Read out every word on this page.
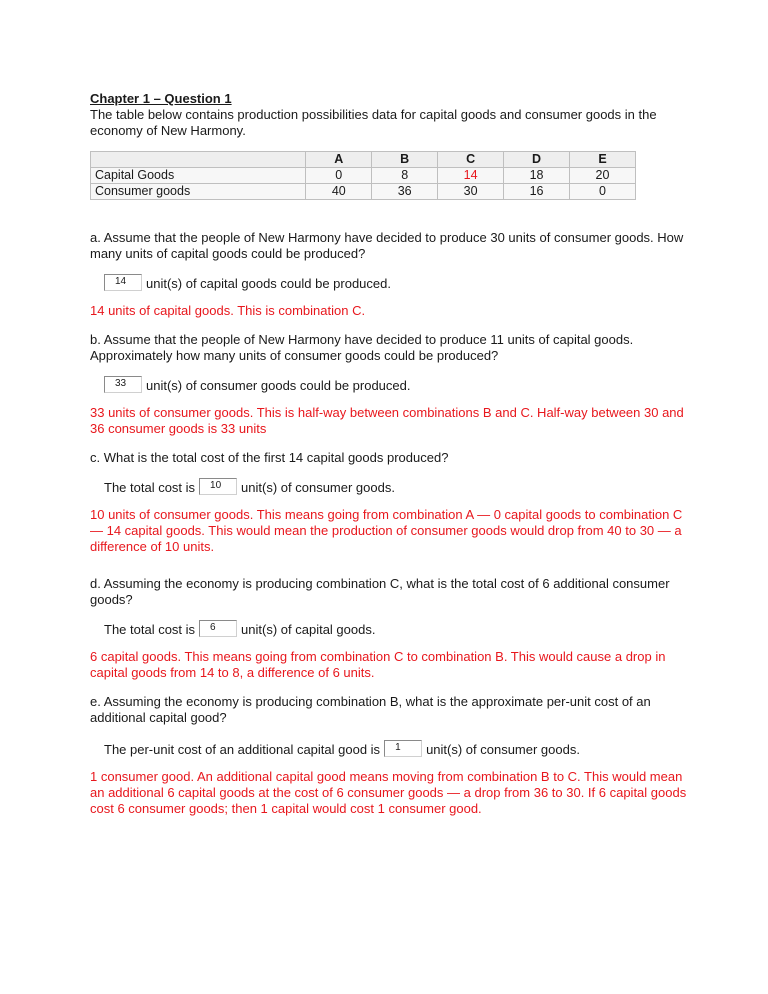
Chapter 1 – Question 1

The table below contains production possibilities data for capital goods and consumer goods in the economy of New Harmony.

	A	B	C	D	E
Capital Goods	0	8	14	18	20
Consumer goods	40	36	30	16	0

a. Assume that the people of New Harmony have decided to produce 30 units of consumer goods. How many units of capital goods could be produced?

14	unit(s) of capital goods could be produced.

14 units of capital goods. This is combination C.

b. Assume that the people of New Harmony have decided to produce 11 units of capital goods. Approximately how many units of consumer goods could be produced?

33	unit(s) of consumer goods could be produced.

33 units of consumer goods. This is half-way between combinations B and C. Half-way between 30 and 36 consumer goods is 33 units

c. What is the total cost of the first 14 capital goods produced?

The total cost is	10	unit(s) of consumer goods.

10 units of consumer goods. This means going from combination A — 0 capital goods to combination C — 14 capital goods. This would mean the production of consumer goods would drop from 40 to 30 — a difference of 10 units.

d. Assuming the economy is producing combination C, what is the total cost of 6 additional consumer goods?

The total cost is	6	unit(s) of capital goods.

6 capital goods. This means going from combination C to combination B. This would cause a drop in capital goods from 14 to 8, a difference of 6 units.

e. Assuming the economy is producing combination B, what is the approximate per-unit cost of an additional capital good?

The per-unit cost of an additional capital good is	1	unit(s) of consumer goods.

1 consumer good. An additional capital good means moving from combination B to C. This would mean an additional 6 capital goods at the cost of 6 consumer goods — a drop from 36 to 30. If 6 capital goods cost 6 consumer goods; then 1 capital would cost 1 consumer good.
